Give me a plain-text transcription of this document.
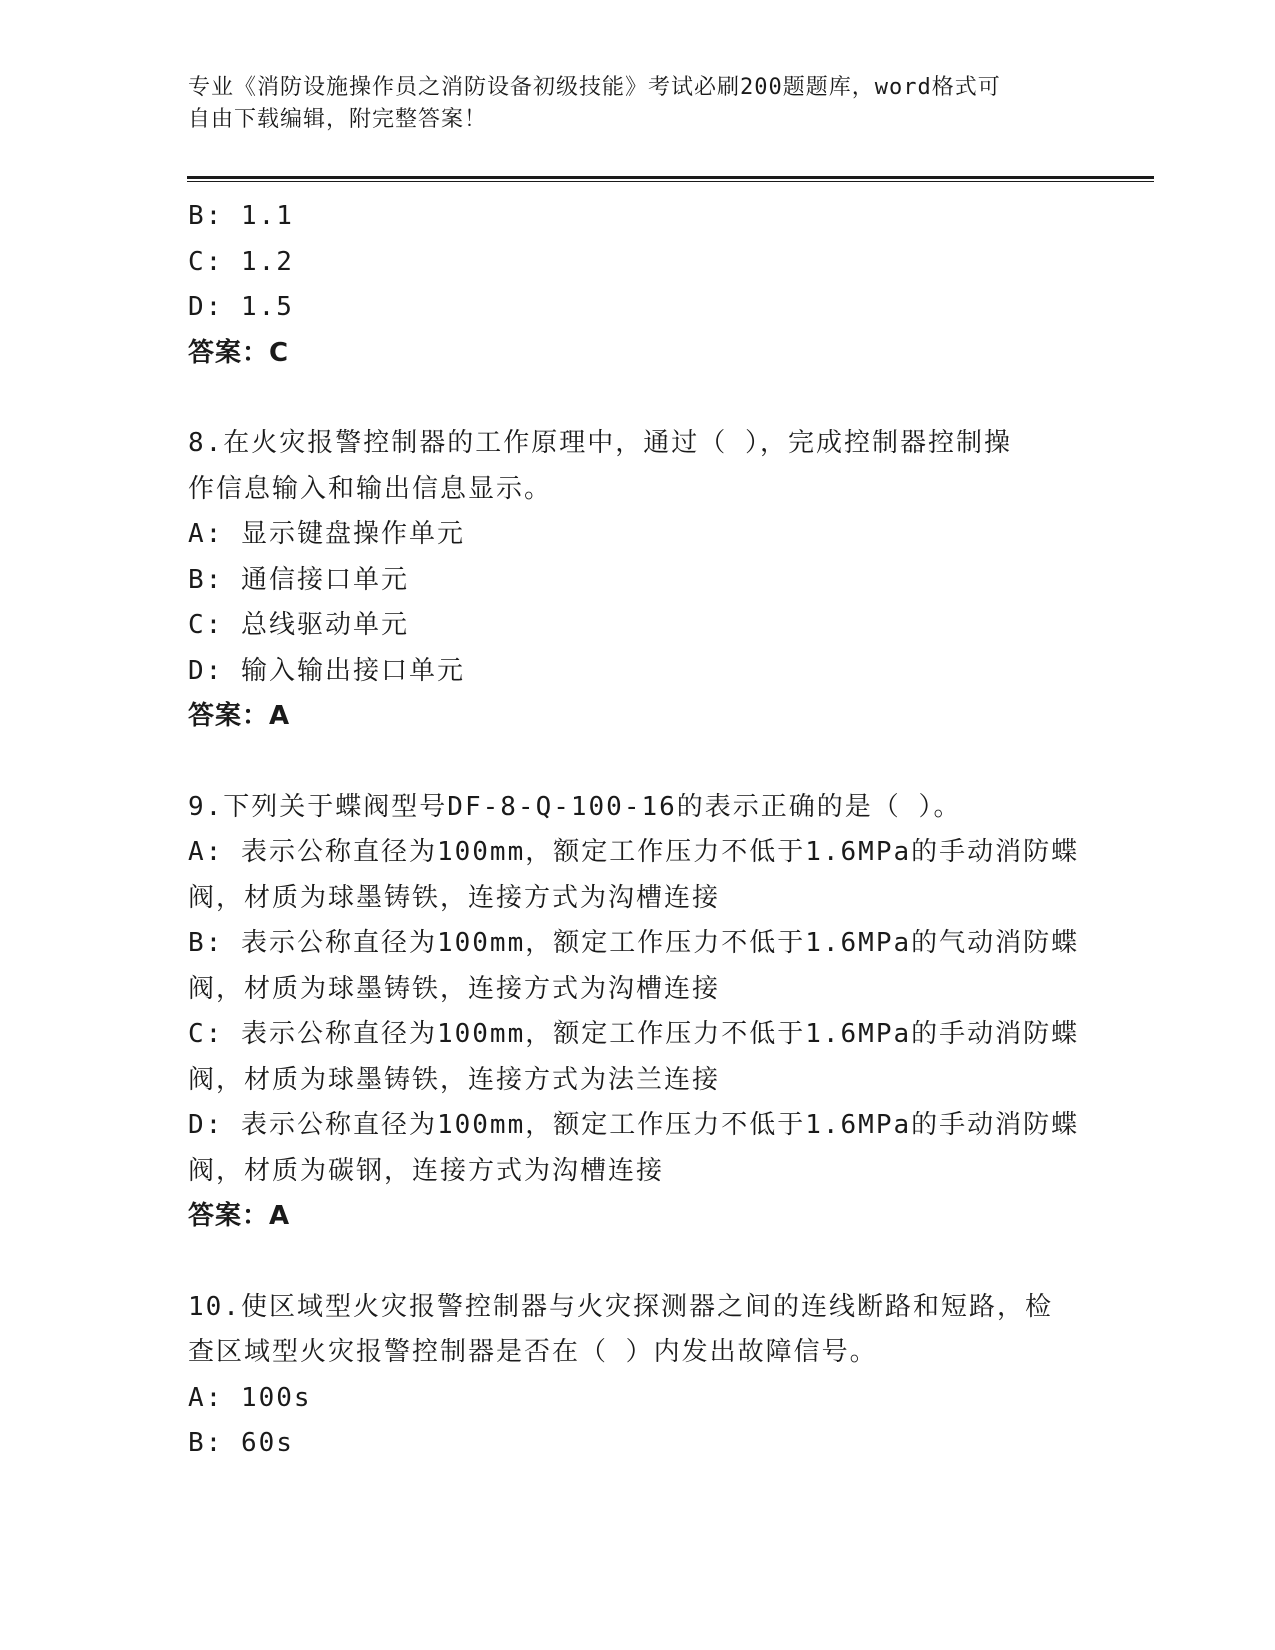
专业《消防设施操作员之消防设备初级技能》考试必刷200题题库，word格式可
自由下载编辑，附完整答案！
B: 1.1
C: 1.2
D: 1.5
答案：C
8.在火灾报警控制器的工作原理中，通过（ ），完成控制器控制操
作信息输入和输出信息显示。
A: 显示键盘操作单元
B: 通信接口单元
C: 总线驱动单元
D: 输入输出接口单元
答案：A
9.下列关于蝶阀型号DF-8-Q-100-16的表示正确的是（ ）。
A: 表示公称直径为100mm，额定工作压力不低于1.6MPa的手动消防蝶
阀，材质为球墨铸铁，连接方式为沟槽连接
B: 表示公称直径为100mm，额定工作压力不低于1.6MPa的气动消防蝶
阀，材质为球墨铸铁，连接方式为沟槽连接
C: 表示公称直径为100mm，额定工作压力不低于1.6MPa的手动消防蝶
阀，材质为球墨铸铁，连接方式为法兰连接
D: 表示公称直径为100mm，额定工作压力不低于1.6MPa的手动消防蝶
阀，材质为碳钢，连接方式为沟槽连接
答案：A
10.使区域型火灾报警控制器与火灾探测器之间的连线断路和短路，检
查区域型火灾报警控制器是否在（ ）内发出故障信号。
A: 100s
B: 60s
